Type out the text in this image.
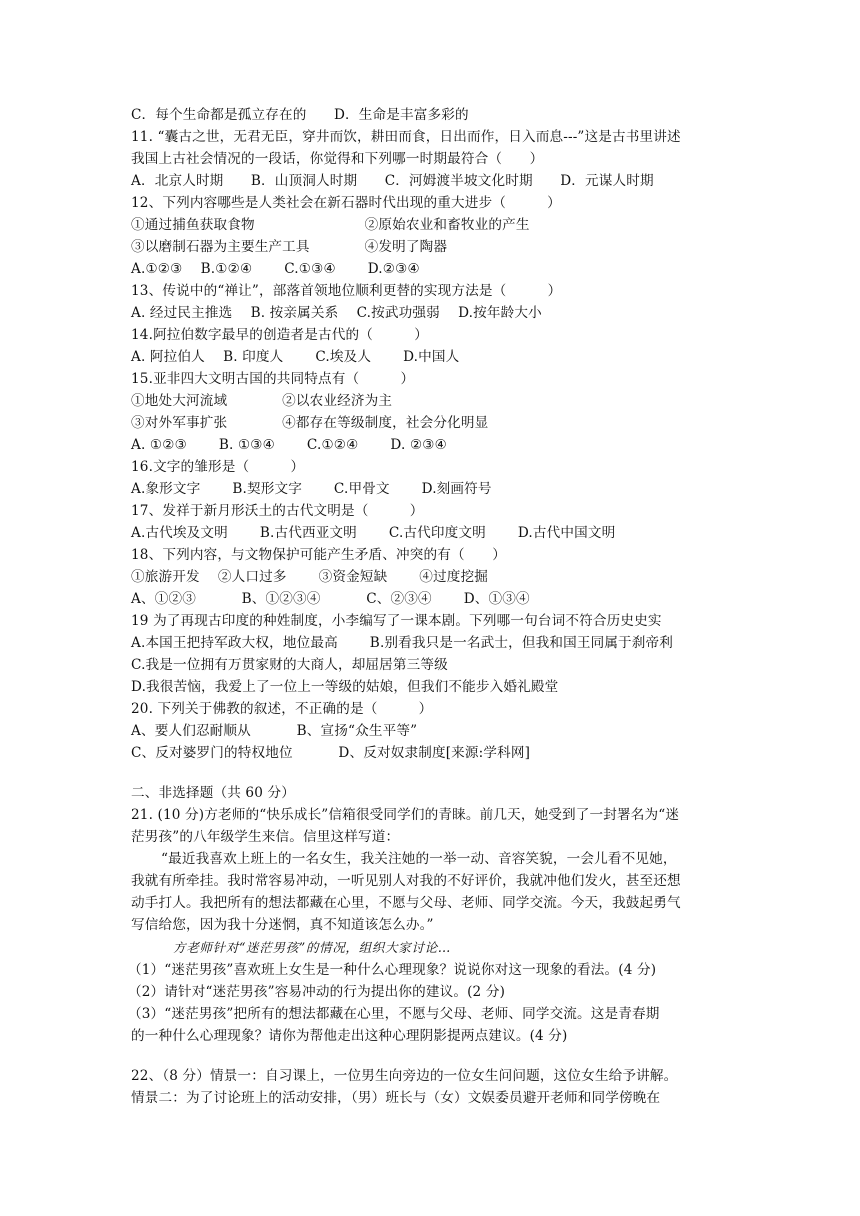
C．每个生命都是孤立存在的　　D．生命是丰富多彩的
11. “囊古之世，无君无臣，穿井而饮，耕田而食，日出而作，日入而息---”这是古书里讲述
我国上古社会情况的一段话，你觉得和下列哪一时期最符合（　　）
A．北京人时期　　B．山顶洞人时期　　C．河姆渡半坡文化时期　　D．元谋人时期
12、下列内容哪些是人类社会在新石器时代出现的重大进步（　　　）
①通过捕鱼获取食物　　　　　　　　②原始农业和畜牧业的产生
③以磨制石器为主要生产工具　　　　④发明了陶器
A.①②③　 B.①②④　　 C.①③④　　 D.②③④
13、传说中的“禅让”，部落首领地位顺利更替的实现方法是（　　　）
A. 经过民主推选　 B. 按亲属关系　 C.按武功强弱　 D.按年龄大小
14.阿拉伯数字最早的创造者是古代的（　　　）
A. 阿拉伯人　 B. 印度人　　 C.埃及人　　 D.中国人
15.亚非四大文明古国的共同特点有（　　　）
①地处大河流域　　　　②以农业经济为主
③对外军事扩张　　　　④都存在等级制度，社会分化明显
A. ①②③　　 B. ①③④　　 C.①②④　　 D. ②③④
16.文字的雏形是（　　　）
A.象形文字　　 B.契形文字　　 C.甲骨文　　 D.刻画符号
17、发祥于新月形沃土的古代文明是（　　　）
A.古代埃及文明　　 B.古代西亚文明　　 C.古代印度文明　　 D.古代中国文明
18、下列内容，与文物保护可能产生矛盾、冲突的有（　　）
①旅游开发　 ②人口过多　　 ③资金短缺　　 ④过度挖掘
A、①②③　　　 B、①②③④　　　 C、②③④　　 D、①③④
19 为了再现古印度的种姓制度，小李编写了一课本剧。下列哪一句台词不符合历史史实
A.本国王把持军政大权，地位最高　　 B.别看我只是一名武士，但我和国王同属于刹帝利
C.我是一位拥有万贯家财的大商人，却屈居第三等级
D.我很苦恼，我爱上了一位上一等级的姑娘，但我们不能步入婚礼殿堂
20. 下列关于佛教的叙述，不正确的是（　　　）
A、要人们忍耐顺从　　　 B、宣扬“众生平等”
C、反对婆罗门的特权地位　　　 D、反对奴隶制度[来源:学科网]
二、非选择题（共 60 分）
21. (10 分)方老师的“快乐成长”信箱很受同学们的青睐。前几天，她受到了一封署名为“迷
茫男孩”的八年级学生来信。信里这样写道：
“最近我喜欢上班上的一名女生，我关注她的一举一动、音容笑貌，一会儿看不见她，
我就有所牵挂。我时常容易冲动，一听见别人对我的不好评价，我就冲他们发火，甚至还想
动手打人。我把所有的想法都藏在心里，不愿与父母、老师、同学交流。今天，我鼓起勇气
写信给您，因为我十分迷惘，真不知道该怎么办。”
方老师针对“迷茫男孩”的情况，组织大家讨论…
（1）“迷茫男孩”喜欢班上女生是一种什么心理现象？说说你对这一现象的看法。(4 分)
（2）请针对“迷茫男孩”容易冲动的行为提出你的建议。(2 分)
（3）“迷茫男孩”把所有的想法都藏在心里，不愿与父母、老师、同学交流。这是青春期
的一种什么心理现象？请你为帮他走出这种心理阴影提两点建议。(4 分)
22、（8 分）情景一：自习课上，一位男生向旁边的一位女生问问题，这位女生给予讲解。
情景二：为了讨论班上的活动安排，（男）班长与（女）文娱委员避开老师和同学傍晚在
